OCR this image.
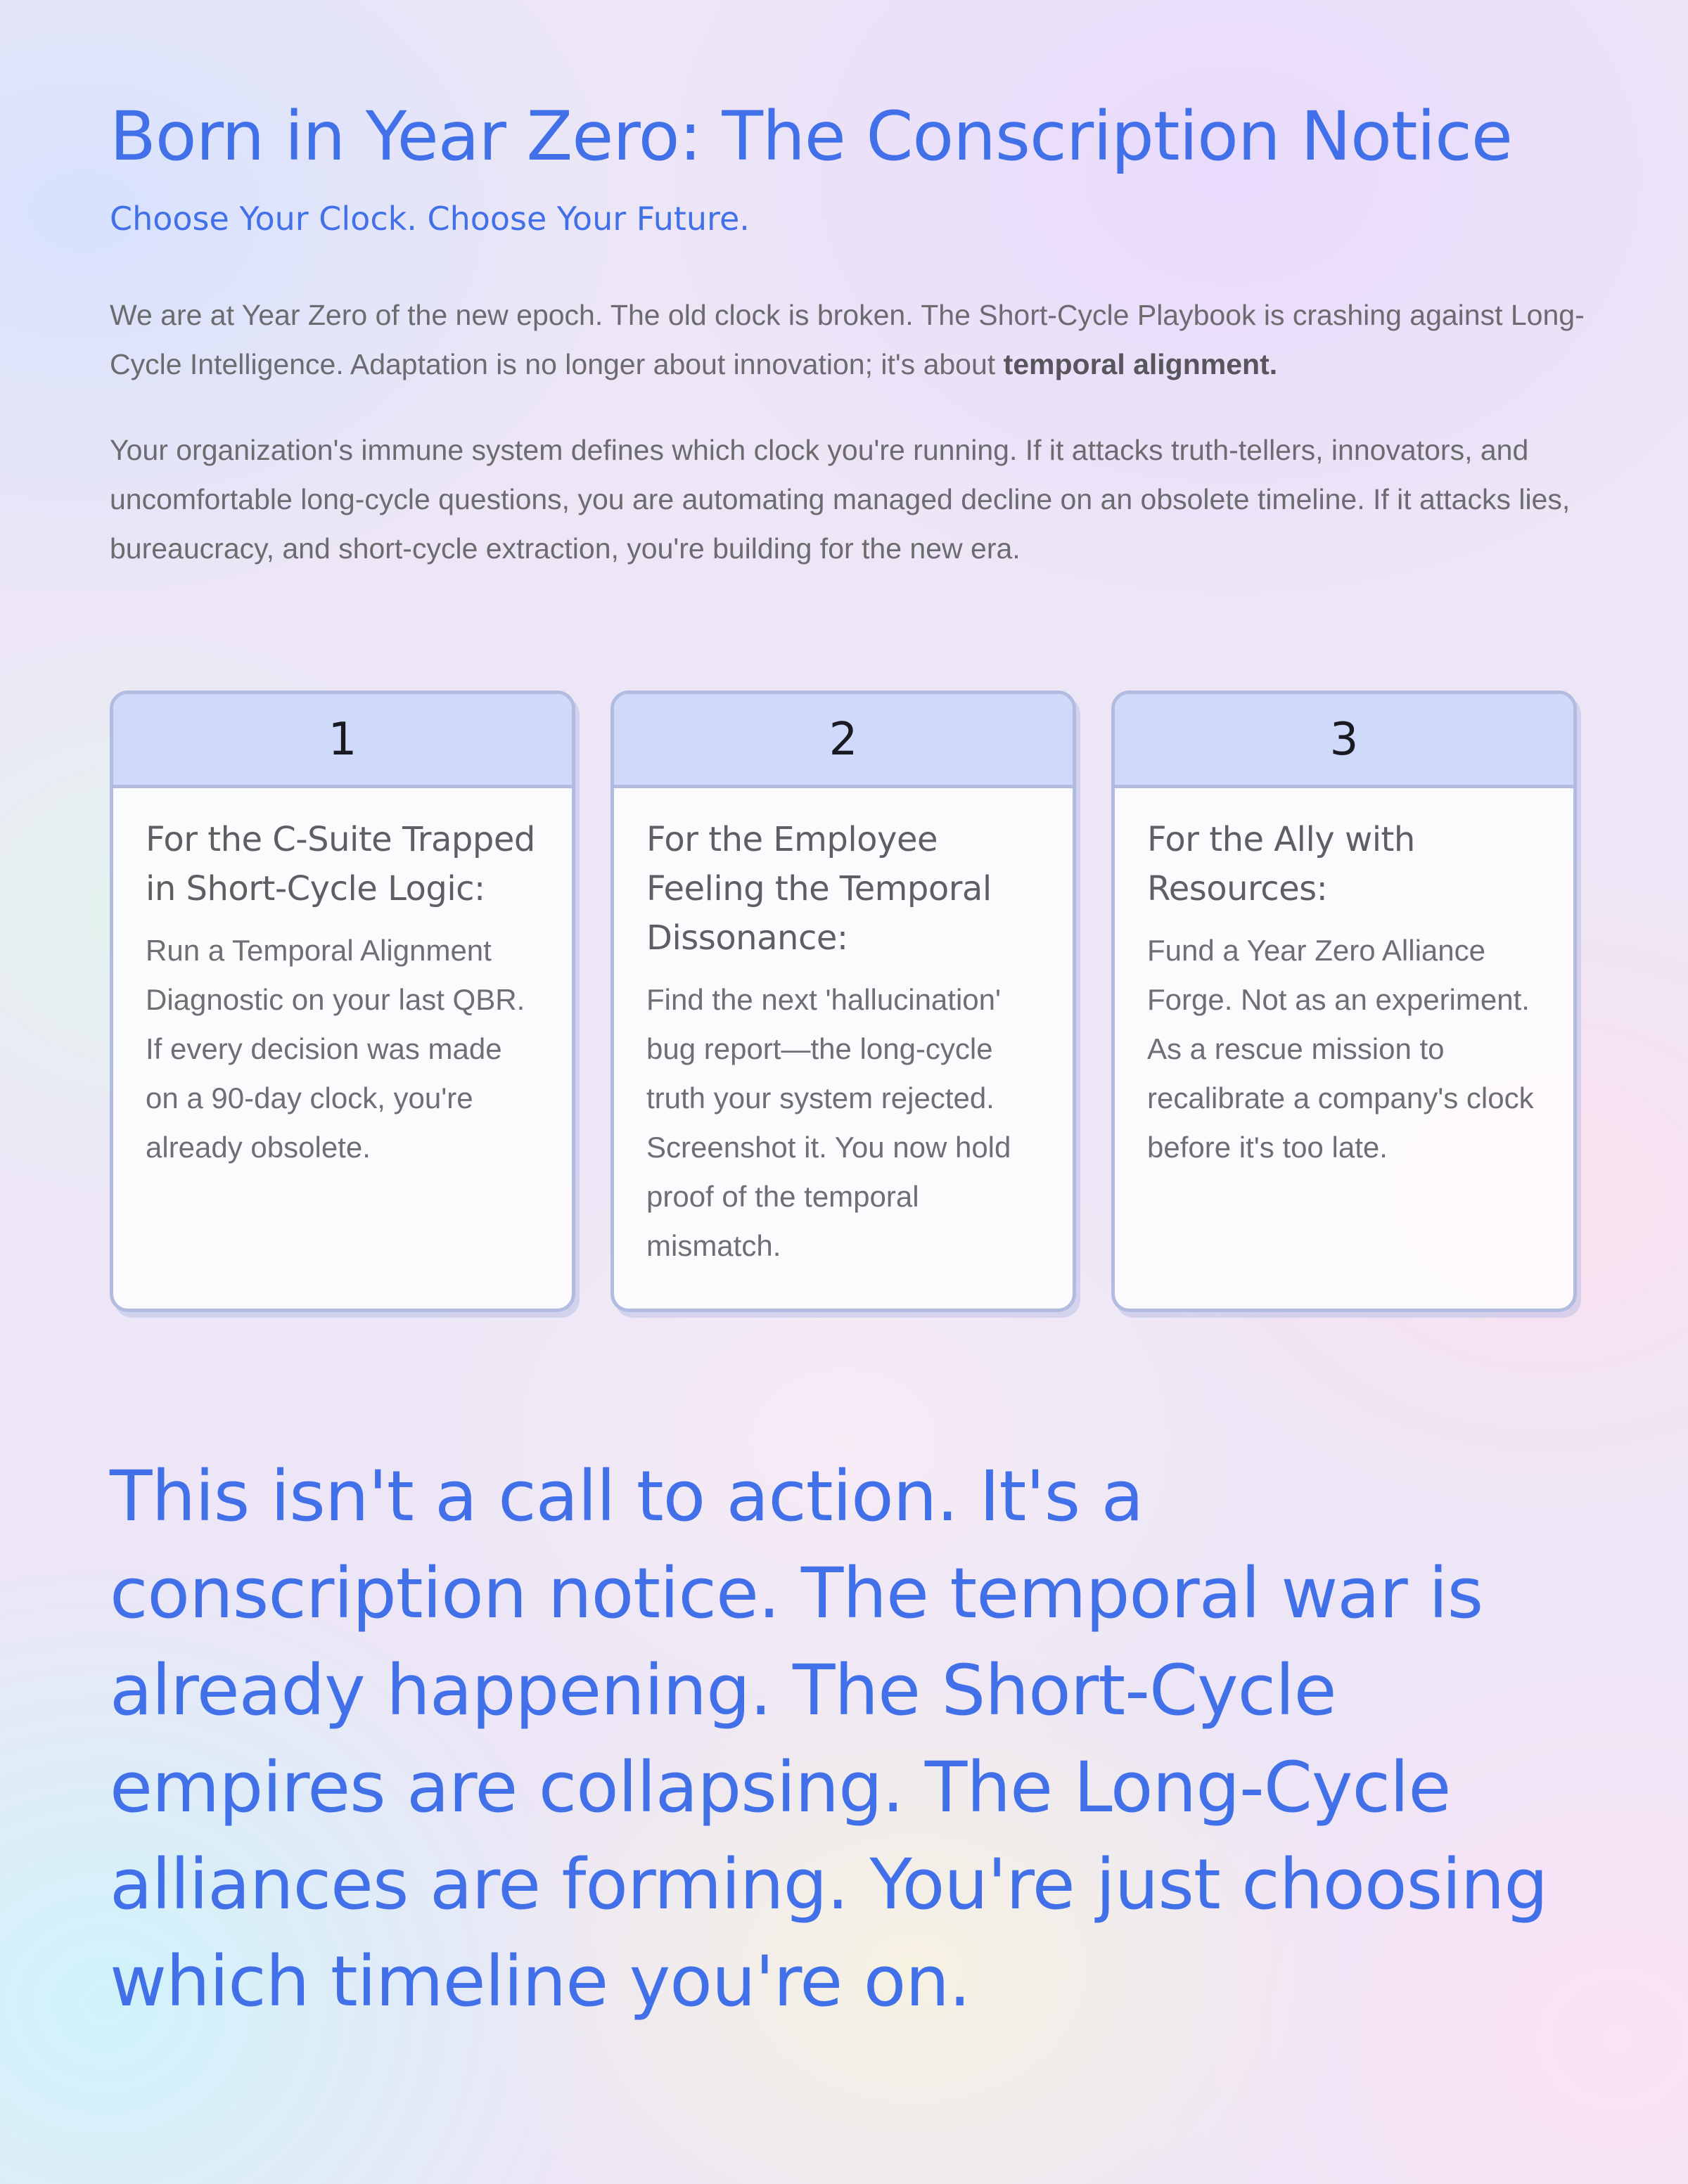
Born in Year Zero: The Conscription Notice
Choose Your Clock. Choose Your Future.

We are at Year Zero of the new epoch. The old clock is broken. The Short-Cycle Playbook is crashing against Long-Cycle Intelligence. Adaptation is no longer about innovation; it's about temporal alignment.

Your organization's immune system defines which clock you're running. If it attacks truth-tellers, innovators, and uncomfortable long-cycle questions, you are automating managed decline on an obsolete timeline. If it attacks lies, bureaucracy, and short-cycle extraction, you're building for the new era.

1
For the C-Suite Trapped in Short-Cycle Logic:

Run a Temporal Alignment Diagnostic on your last QBR. If every decision was made on a 90-day clock, you're already obsolete.

2
For the Employee Feeling the Temporal Dissonance:

Find the next 'hallucination' bug report—the long-cycle truth your system rejected. Screenshot it. You now hold proof of the temporal mismatch.

3
For the Ally with Resources:

Fund a Year Zero Alliance Forge. Not as an experiment. As a rescue mission to recalibrate a company's clock before it's too late.

This isn't a call to action. It's a conscription notice. The temporal war is already happening. The Short-Cycle empires are collapsing. The Long-Cycle alliances are forming. You're just choosing which timeline you're on.
